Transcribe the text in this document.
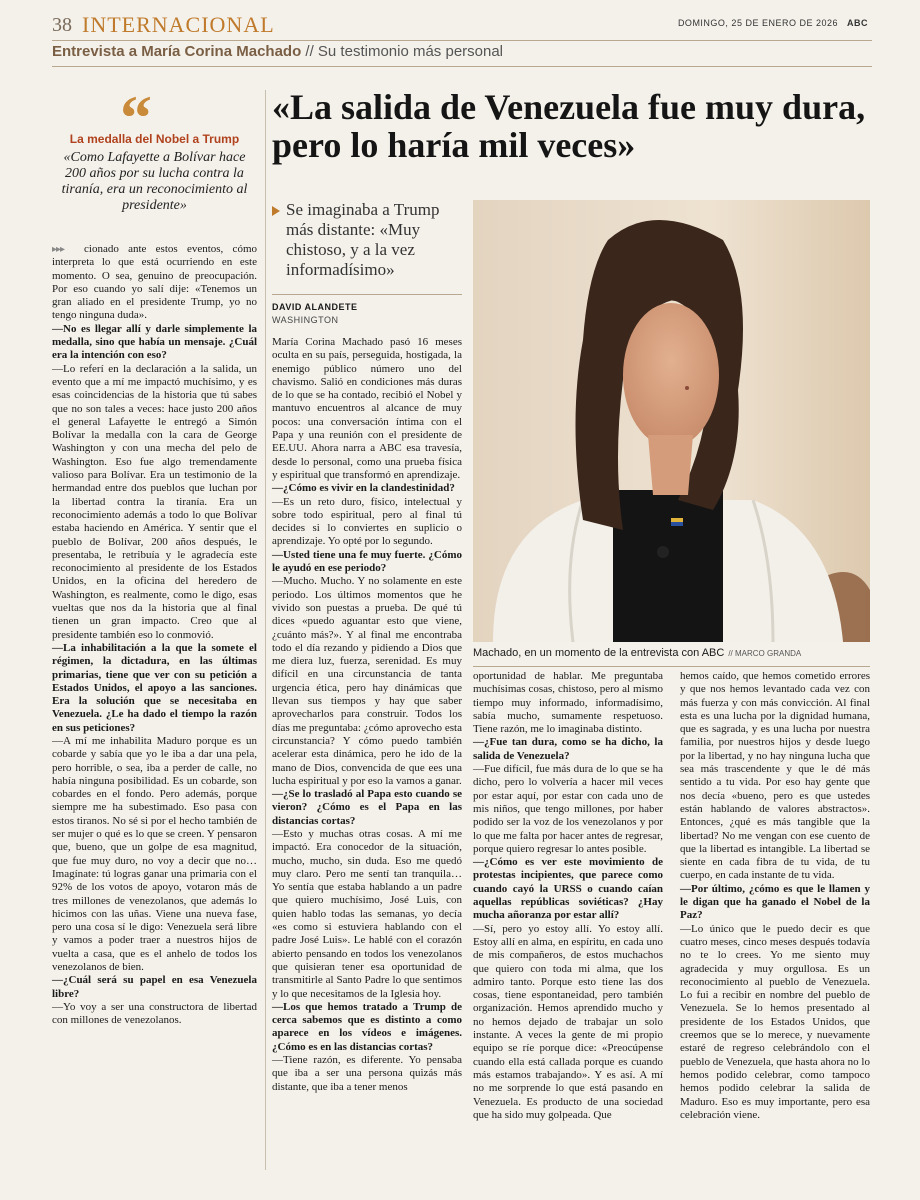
38 INTERNACIONAL	DOMINGO, 25 DE ENERO DE 2026 ABC
Entrevista a María Corina Machado // Su testimonio más personal
“
La medalla del Nobel a Trump
«Como Lafayette a Bolívar hace 200 años por su lucha contra la tiranía, era un reconocimiento al presidente»
«La salida de Venezuela fue muy dura, pero lo haría mil veces»
Se imaginaba a Trump más distante: «Muy chistoso, y a la vez informadísimo»
DAVID ALANDETE
WASHINGTON
Machado, en un momento de la entrevista con ABC // MARCO GRANDA
▸▸▸ cionado ante estos eventos, cómo interpreta lo que está ocurriendo en este momento. O sea, genuino de preocupación. Por eso cuando yo salí dije: «Tenemos un gran aliado en el presidente Trump, yo no tengo ninguna duda».

—No es llegar allí y darle simplemente la medalla, sino que había un mensaje. ¿Cuál era la intención con eso?

—Lo referí en la declaración a la salida, un evento que a mí me impactó muchísimo, y es esas coincidencias de la historia que tú sabes que no son tales a veces: hace justo 200 años el general Lafayette le entregó a Simón Bolívar la medalla con la cara de George Washington y con una mecha del pelo de Washington. Eso fue algo tremendamente valioso para Bolívar. Era un testimonio de la hermandad entre dos pueblos que luchan por la libertad contra la tiranía. Era un reconocimiento además a todo lo que Bolívar estaba haciendo en América. Y sentir que el pueblo de Bolívar, 200 años después, le presentaba, le retribuía y le agradecía este reconocimiento al presidente de los Estados Unidos, en la oficina del heredero de Washington, es realmente, como le digo, esas vueltas que nos da la historia que al final tienen un gran impacto. Creo que al presidente también eso lo conmovió.

—La inhabilitación a la que la somete el régimen, la dictadura, en las últimas primarias, tiene que ver con su petición a Estados Unidos, el apoyo a las sanciones. Era la solución que se necesitaba en Venezuela. ¿Le ha dado el tiempo la razón en sus peticiones?

—A mí me inhabilita Maduro porque es un cobarde y sabía que yo le iba a dar una pela, pero horrible, o sea, iba a perder de calle, no había ninguna posibilidad. Es un cobarde, son cobardes en el fondo. Pero además, porque siempre me ha subestimado. Eso pasa con estos tiranos. No sé si por el hecho también de ser mujer o qué es lo que se creen. Y pensaron que, bueno, que un golpe de esa magnitud, que fue muy duro, no voy a decir que no… Imagínate: tú logras ganar una primaria con el 92% de los votos de apoyo, votaron más de tres millones de venezolanos, que además lo hicimos con las uñas. Viene una nueva fase, pero una cosa sí le digo: Venezuela será libre y vamos a poder traer a nuestros hijos de vuelta a casa, que es el anhelo de todos los venezolanos de bien.

—¿Cuál será su papel en esa Venezuela libre?

—Yo voy a ser una constructora de libertad con millones de venezolanos.

María Corina Machado pasó 16 meses oculta en su país, perseguida, hostigada, la enemigo público número uno del chavismo. Salió en condiciones más duras de lo que se ha contado, recibió el Nobel y mantuvo encuentros al alcance de muy pocos: una conversación íntima con el Papa y una reunión con el presidente de EE.UU. Ahora narra a ABC esa travesía, desde lo personal, como una prueba física y espiritual que transformó en aprendizaje.

—¿Cómo es vivir en la clandestinidad?

—Es un reto duro, físico, intelectual y sobre todo espiritual, pero al final tú decides si lo conviertes en suplicio o aprendizaje. Yo opté por lo segundo.

—Usted tiene una fe muy fuerte. ¿Cómo le ayudó en ese periodo?

—Mucho. Mucho. Y no solamente en este periodo. Los últimos momentos que he vivido son puestas a prueba. De qué tú dices «puedo aguantar esto que viene, ¿cuánto más?». Y al final me encontraba todo el día rezando y pidiendo a Dios que me diera luz, fuerza, serenidad. Es muy difícil en una circunstancia de tanta urgencia ética, pero hay dinámicas que llevan sus tiempos y hay que saber aprovecharlos para construir. Todos los días me preguntaba: ¿cómo aprovecho esta circunstancia? Y cómo puedo también acelerar esta dinámica, pero he ido de la mano de Dios, convencida de que ees una lucha espiritual y por eso la vamos a ganar.

—¿Se lo trasladó al Papa esto cuando se vieron? ¿Cómo es el Papa en las distancias cortas?

—Esto y muchas otras cosas. A mí me impactó. Era conocedor de la situación, mucho, mucho, sin duda. Eso me quedó muy claro. Pero me sentí tan tranquila… Yo sentía que estaba hablando a un padre que quiero muchísimo, José Luis, con quien hablo todas las semanas, yo decía «es como si estuviera hablando con el padre José Luis». Le hablé con el corazón abierto pensando en todos los venezolanos que quisieran tener esa oportunidad de transmitirle al Santo Padre lo que sentimos y lo que necesitamos de la Iglesia hoy.

—Los que hemos tratado a Trump de cerca sabemos que es distinto a como aparece en los vídeos e imágenes. ¿Cómo es en las distancias cortas?

—Tiene razón, es diferente. Yo pensaba que iba a ser una persona quizás más distante, que iba a tener menos

oportunidad de hablar. Me preguntaba muchísimas cosas, chistoso, pero al mismo tiempo muy informado, informadísimo, sabía mucho, sumamente respetuoso. Tiene razón, me lo imaginaba distinto.

—¿Fue tan dura, como se ha dicho, la salida de Venezuela?

—Fue difícil, fue más dura de lo que se ha dicho, pero lo volvería a hacer mil veces por estar aquí, por estar con cada uno de mis niños, que tengo millones, por haber podido ser la voz de los venezolanos y por lo que me falta por hacer antes de regresar, porque quiero regresar lo antes posible.

—¿Cómo es ver este movimiento de protestas incipientes, que parece como cuando cayó la URSS o cuando caían aquellas repúblicas soviéticas? ¿Hay mucha añoranza por estar allí?

—Sí, pero yo estoy allí. Yo estoy allí. Estoy allí en alma, en espíritu, en cada uno de mis compañeros, de estos muchachos que quiero con toda mi alma, que los admiro tanto. Porque esto tiene las dos cosas, tiene espontaneidad, pero también organización. Hemos aprendido mucho y no hemos dejado de trabajar un solo instante. A veces la gente de mi propio equipo se ríe porque dice: «Preocúpense cuando ella está callada porque es cuando más estamos trabajando». Y es así. A mí no me sorprende lo que está pasando en Venezuela. Es producto de una sociedad que ha sido muy golpeada. Que

hemos caído, que hemos cometido errores y que nos hemos levantado cada vez con más fuerza y con más convicción. Al final esta es una lucha por la dignidad humana, que es sagrada, y es una lucha por nuestra familia, por nuestros hijos y desde luego por la libertad, y no hay ninguna lucha que sea más trascendente y que le dé más sentido a tu vida. Por eso hay gente que nos decía «bueno, pero es que ustedes están hablando de valores abstractos». Entonces, ¿qué es más tangible que la libertad? No me vengan con ese cuento de que la libertad es intangible. La libertad se siente en cada fibra de tu vida, de tu cuerpo, en cada instante de tu vida.

—Por último, ¿cómo es que le llamen y le digan que ha ganado el Nobel de la Paz?

—Lo único que le puedo decir es que cuatro meses, cinco meses después todavía no te lo crees. Yo me siento muy agradecida y muy orgullosa. Es un reconocimiento al pueblo de Venezuela. Lo fui a recibir en nombre del pueblo de Venezuela. Se lo hemos presentado al presidente de los Estados Unidos, que creemos que se lo merece, y nuevamente estaré de regreso celebrándolo con el pueblo de Venezuela, que hasta ahora no lo hemos podido celebrar, como tampoco hemos podido celebrar la salida de Maduro. Eso es muy importante, pero esa celebración viene.
